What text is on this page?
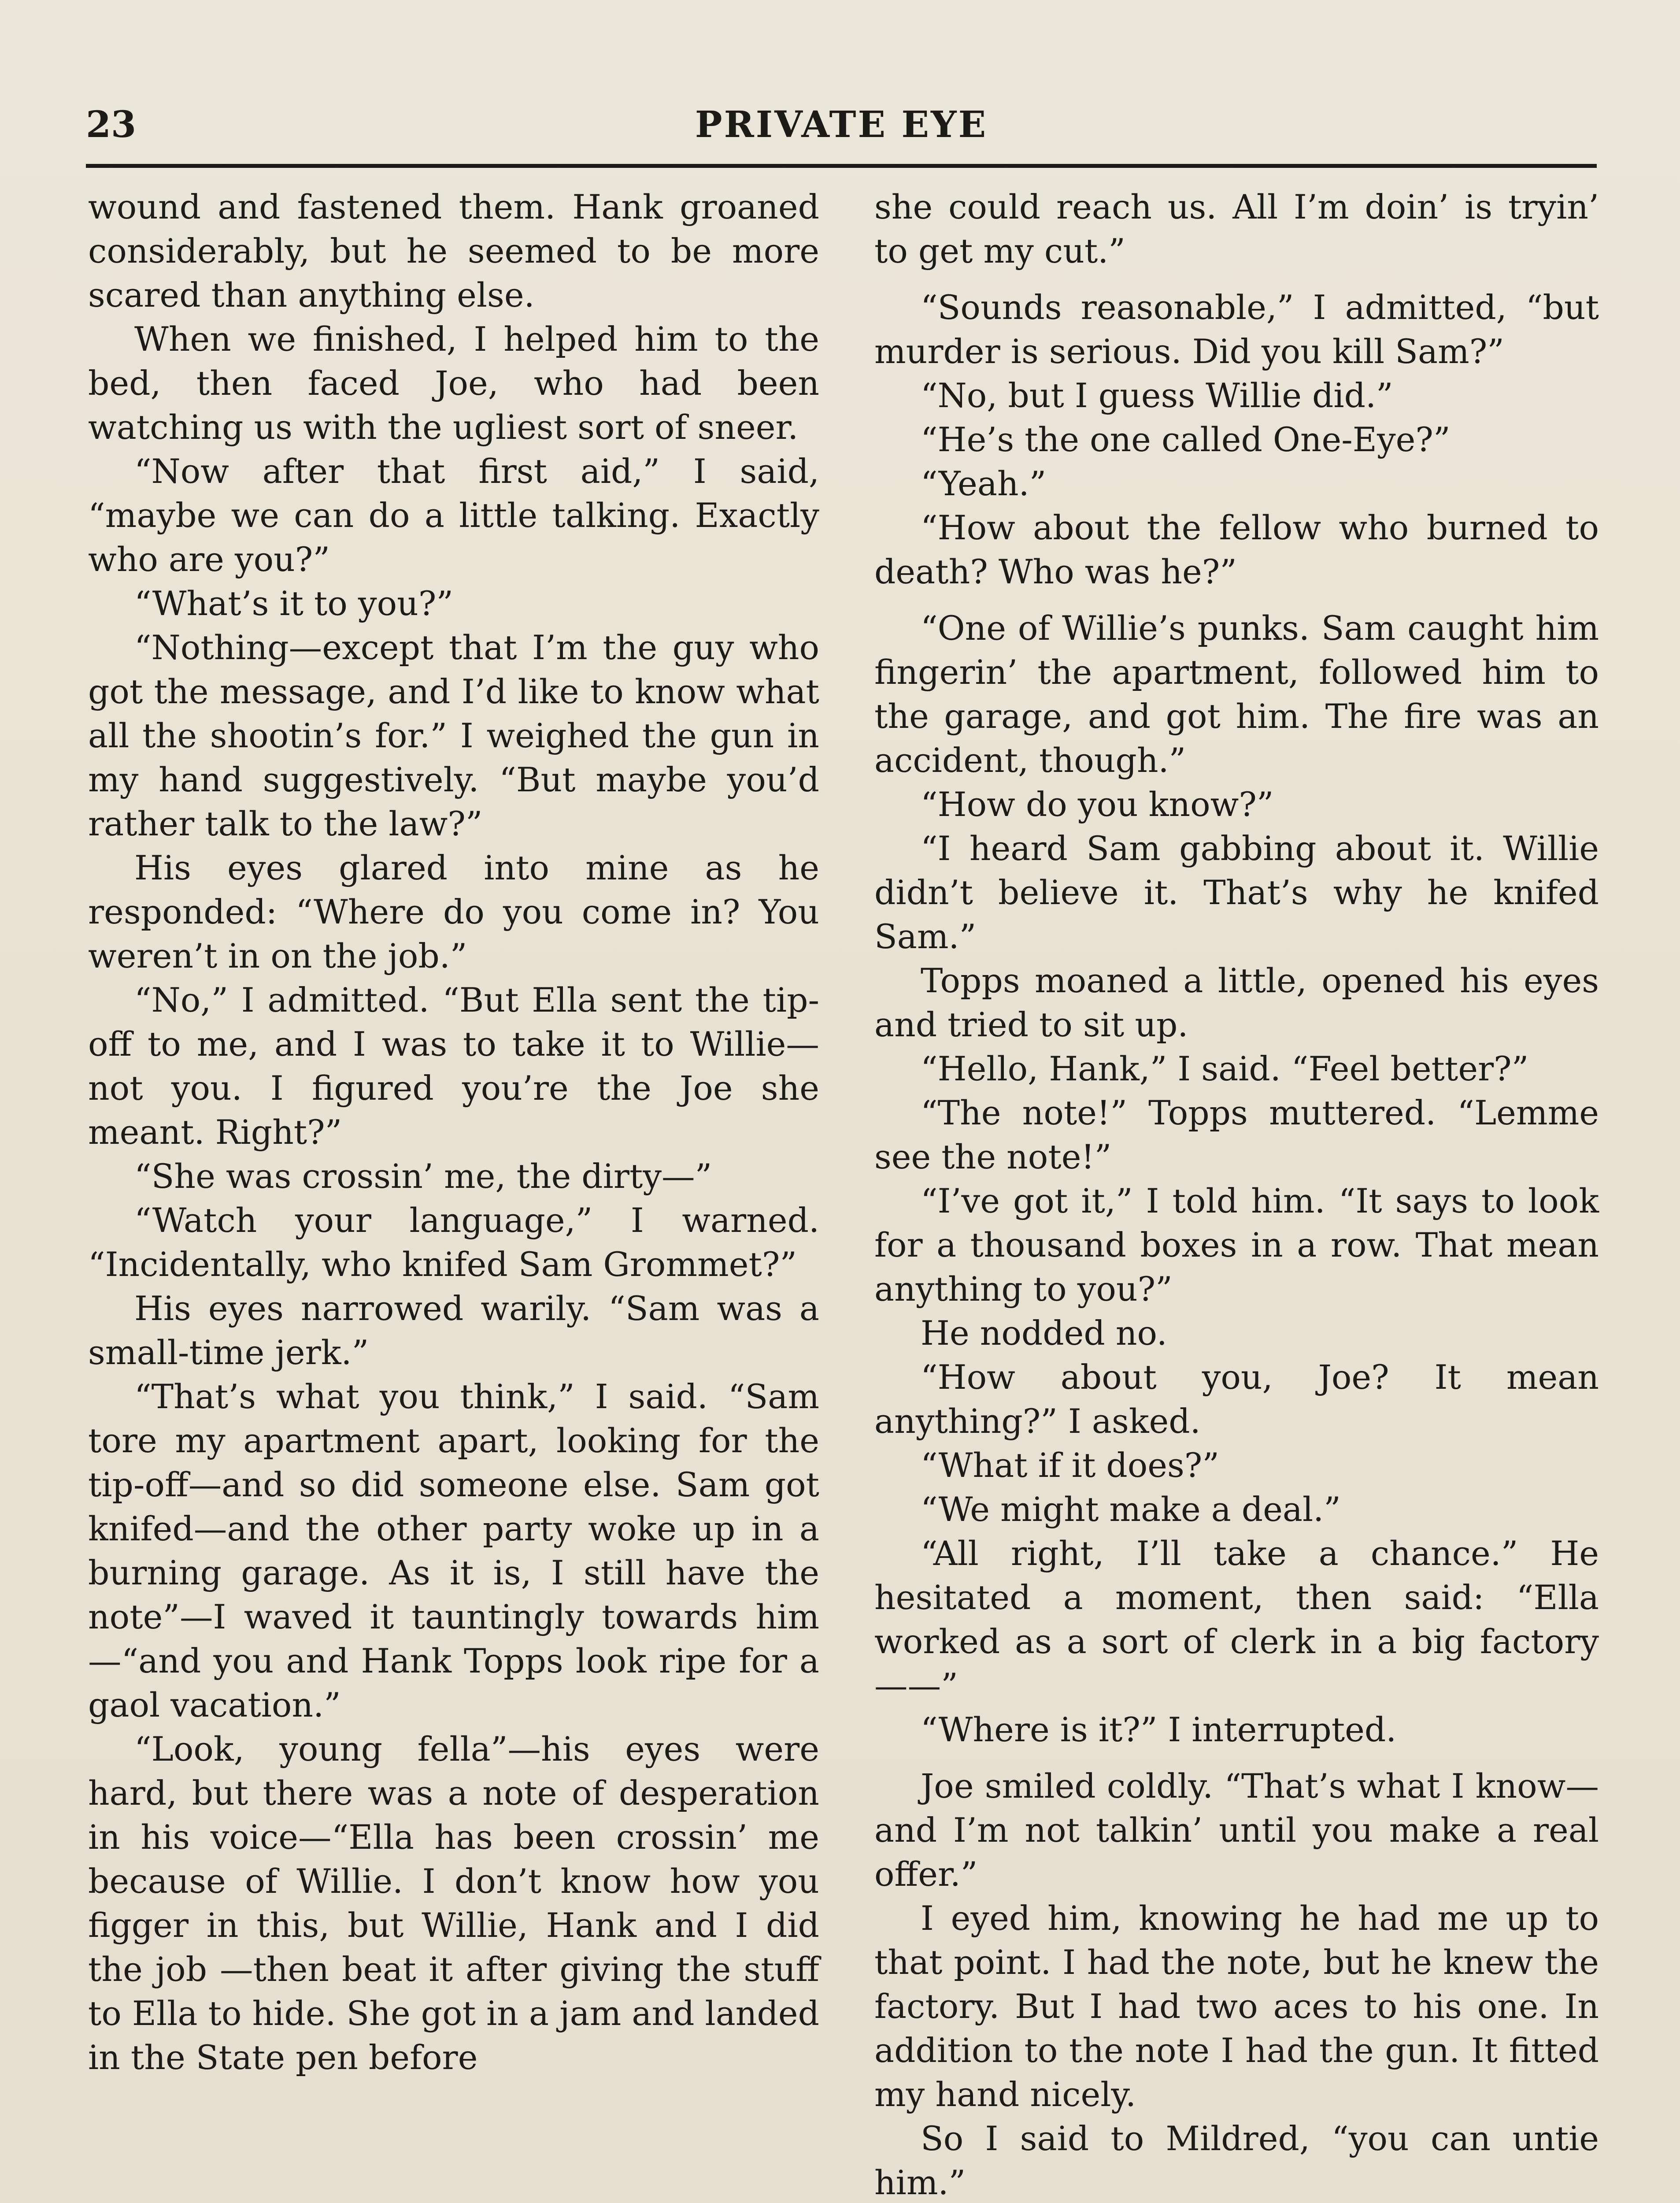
23	PRIVATE EYE

wound and fastened them. Hank groaned considerably, but he seemed to be more scared than anything else.

When we finished, I helped him to the bed, then faced Joe, who had been watching us with the ugliest sort of sneer.

“Now after that first aid,” I said, “maybe we can do a little talking. Exactly who are you?”

“What’s it to you?”

“Nothing—except that I’m the guy who got the message, and I’d like to know what all the shootin’s for.” I weighed the gun in my hand suggestively. “But maybe you’d rather talk to the law?”

His eyes glared into mine as he responded: “Where do you come in? You weren’t in on the job.”

“No,” I admitted. “But Ella sent the tip-off to me, and I was to take it to Willie—not you. I figured you’re the Joe she meant. Right?”

“She was crossin’ me, the dirty—”

“Watch your language,” I warned. “Incidentally, who knifed Sam Grommet?”

His eyes narrowed warily. “Sam was a small-time jerk.”

“That’s what you think,” I said. “Sam tore my apartment apart, looking for the tip-off—and so did someone else. Sam got knifed—and the other party woke up in a burning garage. As it is, I still have the note”—I waved it tauntingly towards him—“and you and Hank Topps look ripe for a gaol vacation.”

“Look, young fella”—his eyes were hard, but there was a note of desperation in his voice—“Ella has been crossin’ me because of Willie. I don’t know how you figger in this, but Willie, Hank and I did the job —then beat it after giving the stuff to Ella to hide. She got in a jam and landed in the State pen before

she could reach us. All I’m doin’ is tryin’ to get my cut.”

“Sounds reasonable,” I admitted, “but murder is serious. Did you kill Sam?”

“No, but I guess Willie did.”

“He’s the one called One-Eye?”

“Yeah.”

“How about the fellow who burned to death? Who was he?”

“One of Willie’s punks. Sam caught him fingerin’ the apartment, followed him to the garage, and got him. The fire was an accident, though.”

“How do you know?”

“I heard Sam gabbing about it. Willie didn’t believe it. That’s why he knifed Sam.”

Topps moaned a little, opened his eyes and tried to sit up.

“Hello, Hank,” I said. “Feel better?”

“The note!” Topps muttered. “Lemme see the note!”

“I’ve got it,” I told him. “It says to look for a thousand boxes in a row. That mean anything to you?”

He nodded no.

“How about you, Joe? It mean anything?” I asked.

“What if it does?”

“We might make a deal.”

“All right, I’ll take a chance.” He hesitated a moment, then said: “Ella worked as a sort of clerk in a big factory——”

“Where is it?” I interrupted.

Joe smiled coldly. “That’s what I know—and I’m not talkin’ until you make a real offer.”

I eyed him, knowing he had me up to that point. I had the note, but he knew the factory. But I had two aces to his one. In addition to the note I had the gun. It fitted my hand nicely.

So I said to Mildred, “you can untie him.”
